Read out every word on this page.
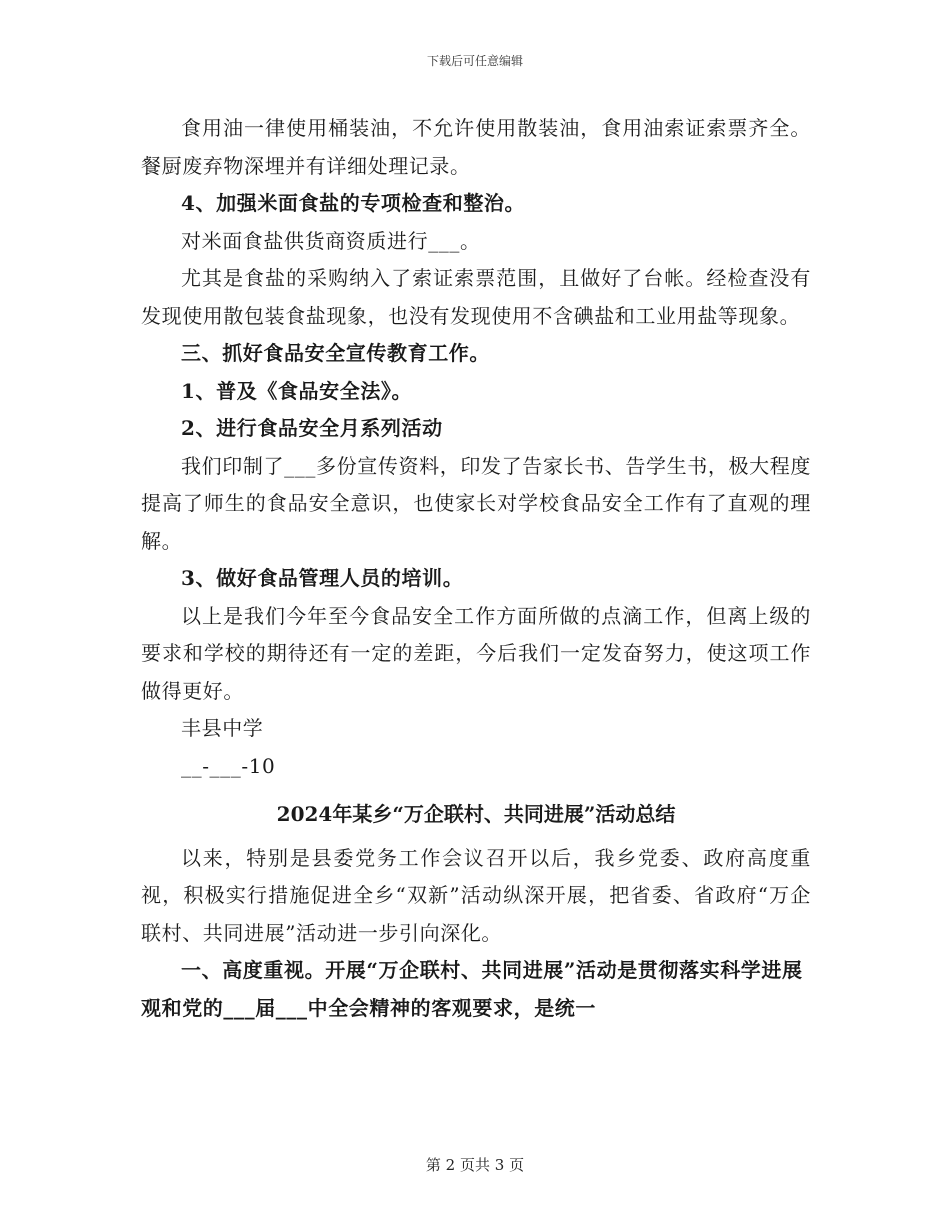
下载后可任意编辑

食用油一律使用桶装油，不允许使用散装油，食用油索证索票齐全。餐厨废弃物深埋并有详细处理记录。

4、加强米面食盐的专项检查和整治。

对米面食盐供货商资质进行___。

尤其是食盐的采购纳入了索证索票范围，且做好了台帐。经检查没有发现使用散包装食盐现象，也没有发现使用不含碘盐和工业用盐等现象。

三、抓好食品安全宣传教育工作。

1、普及《食品安全法》。

2、进行食品安全月系列活动

我们印制了___多份宣传资料，印发了告家长书、告学生书，极大程度提高了师生的食品安全意识，也使家长对学校食品安全工作有了直观的理解。

3、做好食品管理人员的培训。

以上是我们今年至今食品安全工作方面所做的点滴工作，但离上级的要求和学校的期待还有一定的差距，今后我们一定发奋努力，使这项工作做得更好。

丰县中学

__-___-10

2024年某乡“万企联村、共同进展”活动总结

以来，特别是县委党务工作会议召开以后，我乡党委、政府高度重视，积极实行措施促进全乡“双新”活动纵深开展，把省委、省政府“万企联村、共同进展”活动进一步引向深化。

一、高度重视。开展“万企联村、共同进展”活动是贯彻落实科学进展观和党的___届___中全会精神的客观要求，是统一

第 2 页共 3 页
